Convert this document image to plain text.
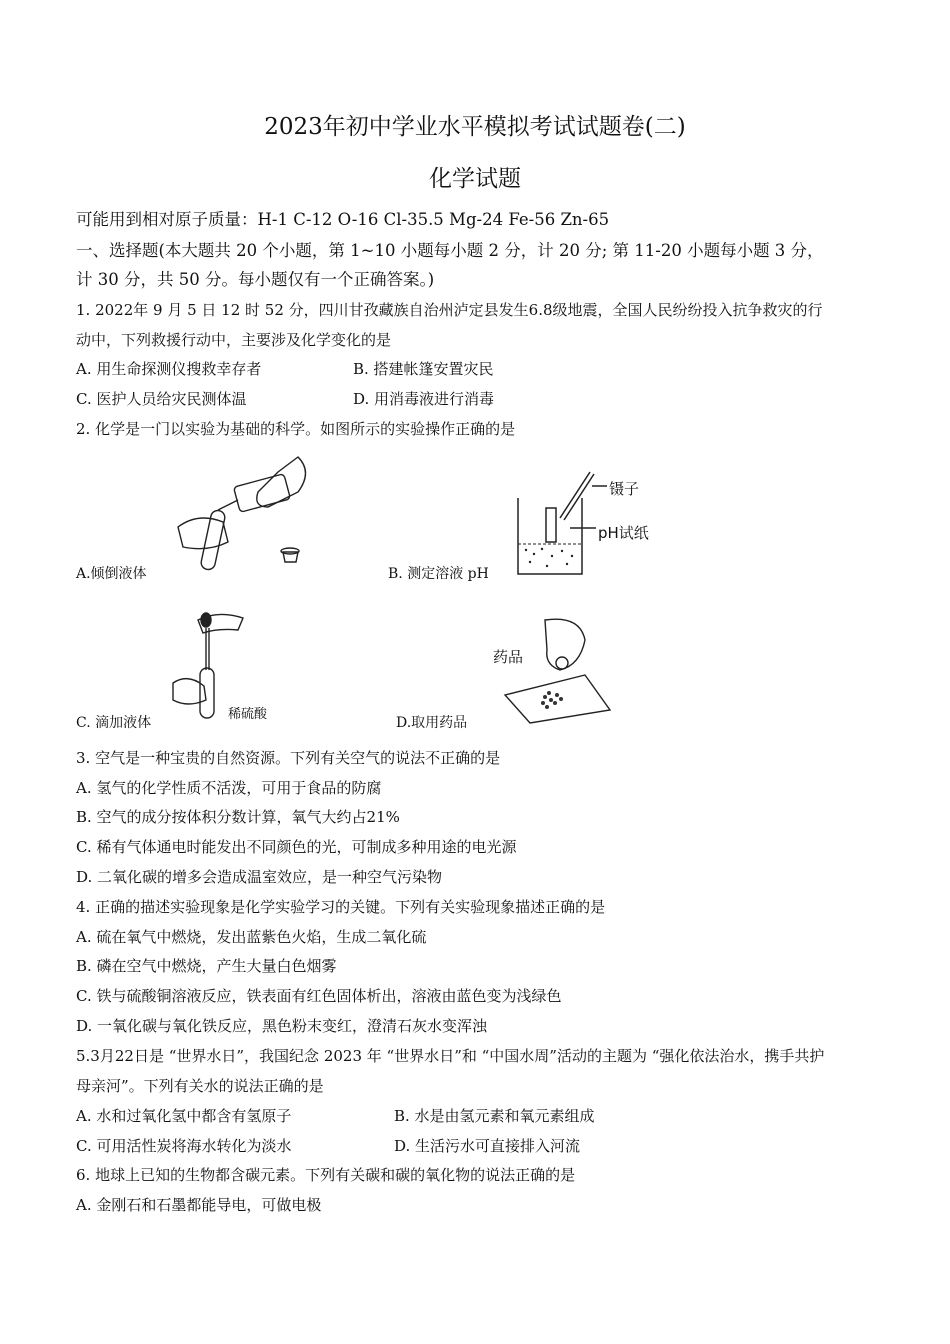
2023年初中学业水平模拟考试试题卷(二)
化学试题
可能用到相对原子质量：H-1 C-12 O-16 Cl-35.5 Mg-24 Fe-56 Zn-65
一、选择题(本大题共 20 个小题，第 1~10 小题每小题 2 分，计 20 分; 第 11-20 小题每小题 3 分，
计 30 分，共 50 分。每小题仅有一个正确答案。)
1. 2022年 9 月 5 日 12 时 52 分，四川甘孜藏族自治州泸定县发生6.8级地震，全国人民纷纷投入抗争救灾的行
动中，下列救援行动中，主要涉及化学变化的是
A. 用生命探测仪搜救幸存者	B. 搭建帐篷安置灾民
C. 医护人员给灾民测体温	D. 用消毒液进行消毒
2. 化学是一门以实验为基础的科学。如图所示的实验操作正确的是
A.倾倒液体
镊子
pH试纸
B. 测定溶液 pH
稀硫酸
C. 滴加液体
药品
D.取用药品
3. 空气是一种宝贵的自然资源。下列有关空气的说法不正确的是
A. 氢气的化学性质不活泼，可用于食品的防腐
B. 空气的成分按体积分数计算，氧气大约占21%
C. 稀有气体通电时能发出不同颜色的光，可制成多种用途的电光源
D. 二氧化碳的增多会造成温室效应，是一种空气污染物
4. 正确的描述实验现象是化学实验学习的关键。下列有关实验现象描述正确的是
A. 硫在氧气中燃烧，发出蓝紫色火焰，生成二氧化硫
B. 磷在空气中燃烧，产生大量白色烟雾
C. 铁与硫酸铜溶液反应，铁表面有红色固体析出，溶液由蓝色变为浅绿色
D. 一氧化碳与氧化铁反应，黑色粉末变红，澄清石灰水变浑浊
5.3月22日是 “世界水日”，我国纪念 2023 年 “世界水日”和 “中国水周”活动的主题为 “强化依法治水，携手共护
母亲河”。下列有关水的说法正确的是
A. 水和过氧化氢中都含有氢原子	B. 水是由氢元素和氧元素组成
C. 可用活性炭将海水转化为淡水	D. 生活污水可直接排入河流
6. 地球上已知的生物都含碳元素。下列有关碳和碳的氧化物的说法正确的是
A. 金刚石和石墨都能导电，可做电极
